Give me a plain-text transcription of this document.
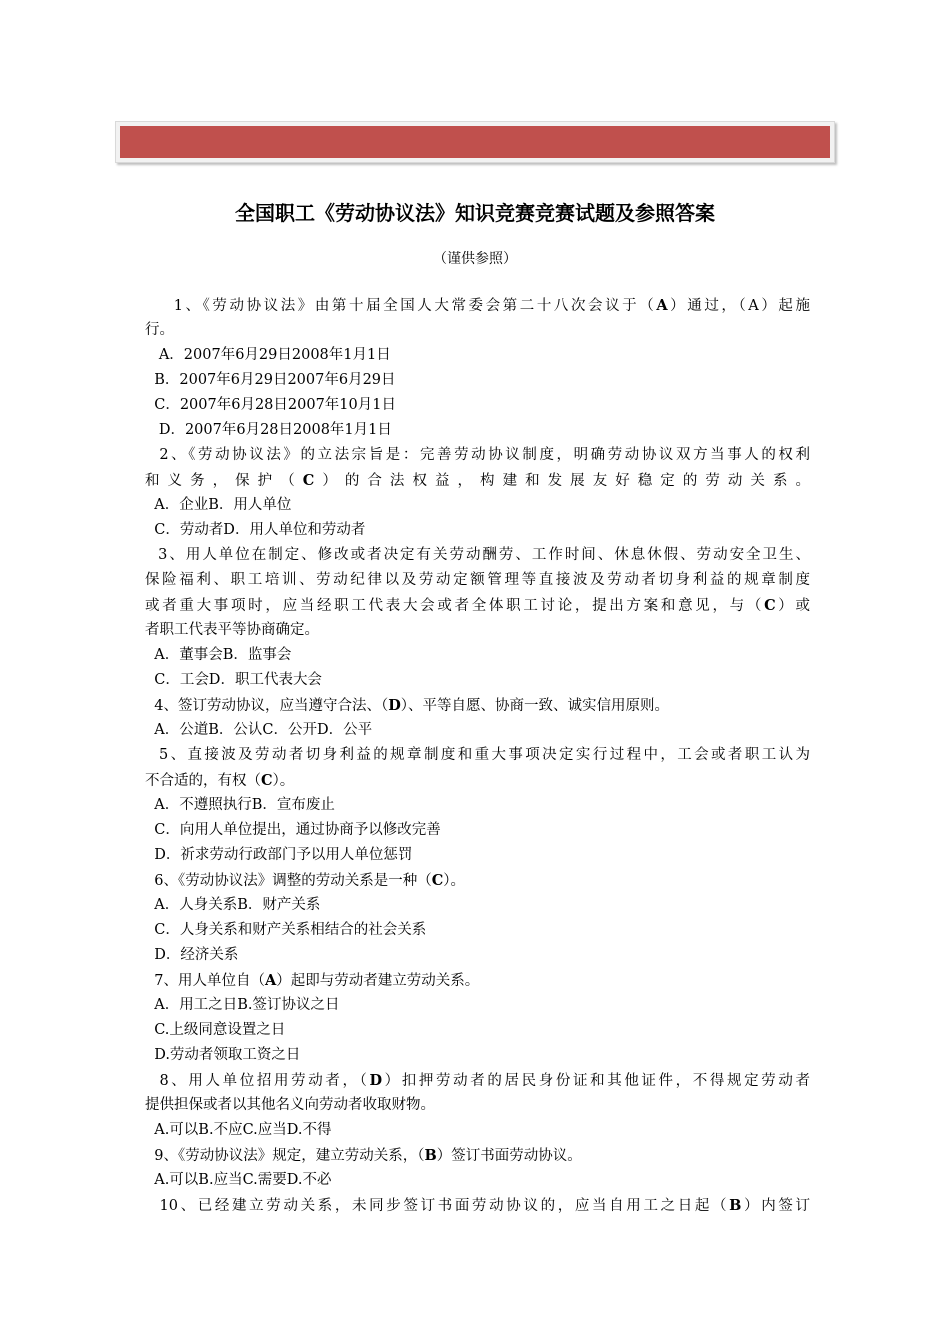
全国职工《劳动协议法》知识竞赛竞赛试题及参照答案
（谨供参照）
1、《劳动协议法》由第十届全国人大常委会第二十八次会议于（A）通过，（A）起施
行。
A．2007年6月29日2008年1月1日
B．2007年6月29日2007年6月29日
C．2007年6月28日2007年10月1日
D．2007年6月28日2008年1月1日
2、《劳动协议法》的立法宗旨是：完善劳动协议制度，明确劳动协议双方当事人的权利
和义务，保护（C）的合法权益，构建和发展友好稳定的劳动关系。
A．企业B．用人单位
C．劳动者D．用人单位和劳动者
3、用人单位在制定、修改或者决定有关劳动酬劳、工作时间、休息休假、劳动安全卫生、
保险福利、职工培训、劳动纪律以及劳动定额管理等直接波及劳动者切身利益的规章制度
或者重大事项时，应当经职工代表大会或者全体职工讨论，提出方案和意见，与（C）或
者职工代表平等协商确定。
A．董事会B．监事会
C．工会D．职工代表大会
4、签订劳动协议，应当遵守合法、（D）、平等自愿、协商一致、诚实信用原则。
A．公道B．公认C．公开D．公平
5、直接波及劳动者切身利益的规章制度和重大事项决定实行过程中，工会或者职工认为
不合适的，有权（C）。
A．不遵照执行B．宣布废止
C．向用人单位提出，通过协商予以修改完善
D．祈求劳动行政部门予以用人单位惩罚
6、《劳动协议法》调整的劳动关系是一种（C）。
A．人身关系B．财产关系
C．人身关系和财产关系相结合的社会关系
D．经济关系
7、用人单位自（A）起即与劳动者建立劳动关系。
A．用工之日B.签订协议之日
C.上级同意设置之日
D.劳动者领取工资之日
8、用人单位招用劳动者，（D）扣押劳动者的居民身份证和其他证件，不得规定劳动者
提供担保或者以其他名义向劳动者收取财物。
A.可以B.不应C.应当D.不得
9、《劳动协议法》规定，建立劳动关系，（B）签订书面劳动协议。
A.可以B.应当C.需要D.不必
10、已经建立劳动关系，未同步签订书面劳动协议的，应当自用工之日起（B）内签订
